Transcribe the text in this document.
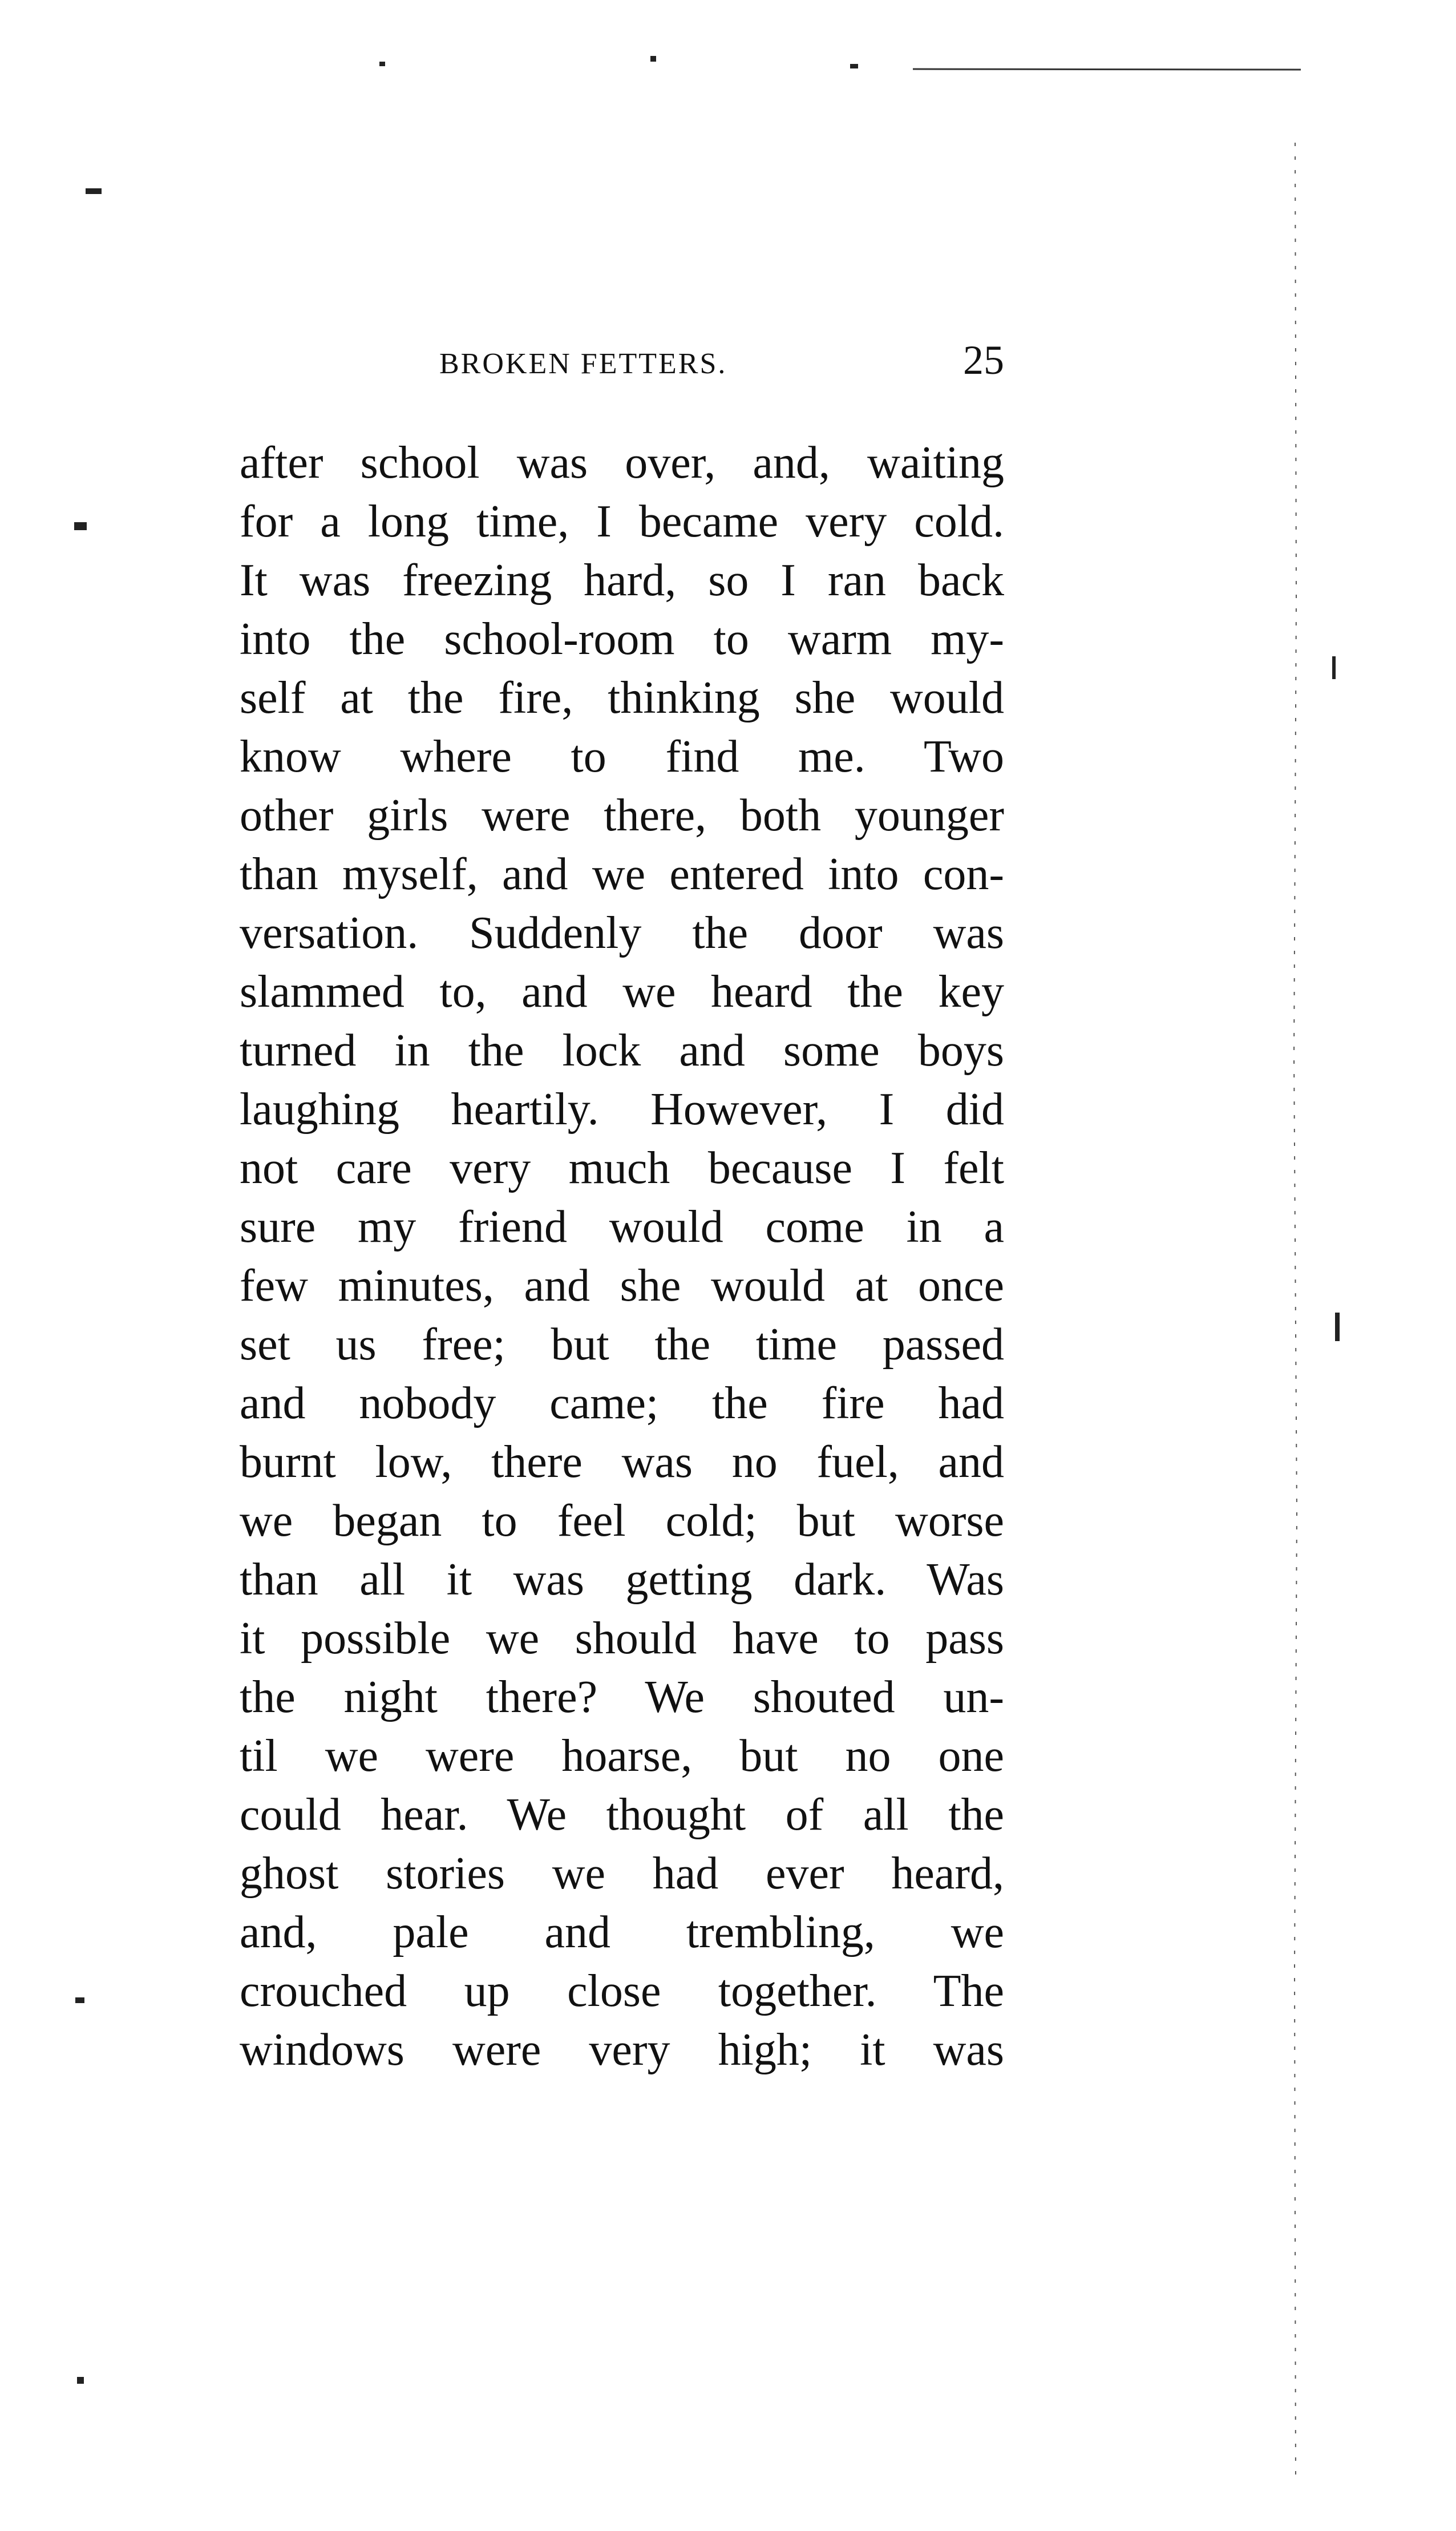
BROKEN FETTERS.	25
after school was over, and, waiting
for a long time, I became very cold.
It was freezing hard, so I ran back
into the school-room to warm my-
self at the fire, thinking she would
know where to find me. Two
other girls were there, both younger
than myself, and we entered into con-
versation. Suddenly the door was
slammed to, and we heard the key
turned in the lock and some boys
laughing heartily. However, I did
not care very much because I felt
sure my friend would come in a
few minutes, and she would at once
set us free; but the time passed
and nobody came; the fire had
burnt low, there was no fuel, and
we began to feel cold; but worse
than all it was getting dark. Was
it possible we should have to pass
the night there? We shouted un-
til we were hoarse, but no one
could hear. We thought of all the
ghost stories we had ever heard,
and, pale and trembling, we
crouched up close together. The
windows were very high; it was
